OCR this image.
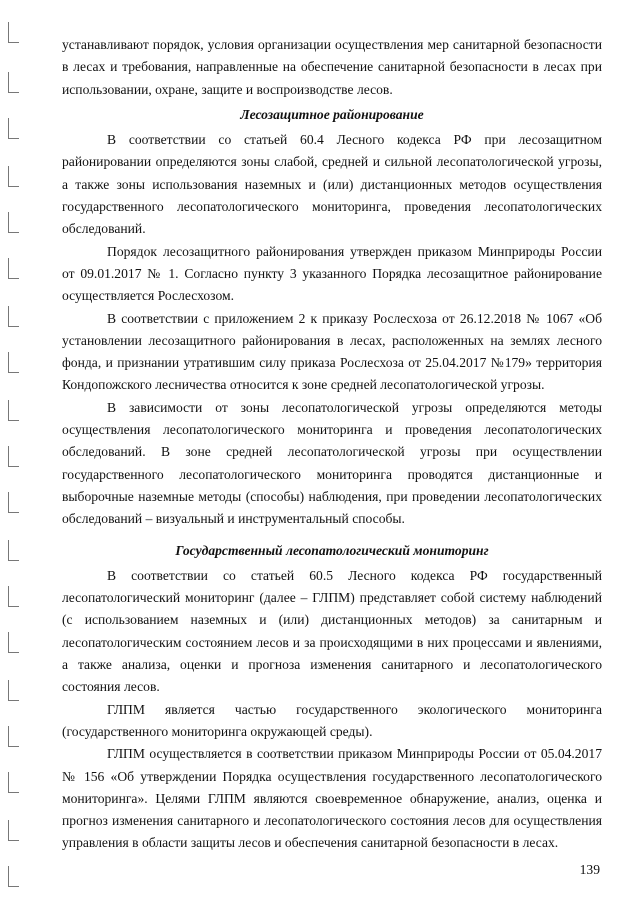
устанавливают порядок, условия организации осуществления мер санитарной безопасности в лесах и требования, направленные на обеспечение санитарной безопасности в лесах при использовании, охране, защите и воспроизводстве лесов.

Лесозащитное районирование

В соответствии со статьей 60.4 Лесного кодекса РФ при лесозащитном районировании определяются зоны слабой, средней и сильной лесопатологической угрозы, а также зоны использования наземных и (или) дистанционных методов осуществления государственного лесопатологического мониторинга, проведения лесопатологических обследований.

Порядок лесозащитного районирования утвержден приказом Минприроды России от 09.01.2017 № 1. Согласно пункту 3 указанного Порядка лесозащитное районирование осуществляется Рослесхозом.

В соответствии с приложением 2 к приказу Рослесхоза от 26.12.2018 № 1067 «Об установлении лесозащитного районирования в лесах, расположенных на землях лесного фонда, и признании утратившим силу приказа Рослесхоза от 25.04.2017 №179» территория Кондопожского лесничества относится к зоне средней лесопатологической угрозы.

В зависимости от зоны лесопатологической угрозы определяются методы осуществления лесопатологического мониторинга и проведения лесопатологических обследований. В зоне средней лесопатологической угрозы при осуществлении государственного лесопатологического мониторинга проводятся дистанционные и выборочные наземные методы (способы) наблюдения, при проведении лесопатологических обследований – визуальный и инструментальный способы.

Государственный лесопатологический мониторинг

В соответствии со статьей 60.5 Лесного кодекса РФ государственный лесопатологический мониторинг (далее – ГЛПМ) представляет собой систему наблюдений (с использованием наземных и (или) дистанционных методов) за санитарным и лесопатологическим состоянием лесов и за происходящими в них процессами и явлениями, а также анализа, оценки и прогноза изменения санитарного и лесопатологического состояния лесов.

ГЛПМ является частью государственного экологического мониторинга (государственного мониторинга окружающей среды).

ГЛПМ осуществляется в соответствии приказом Минприроды России от 05.04.2017 № 156 «Об утверждении Порядка осуществления государственного лесопатологического мониторинга». Целями ГЛПМ являются своевременное обнаружение, анализ, оценка и прогноз изменения санитарного и лесопатологического состояния лесов для осуществления управления в области защиты лесов и обеспечения санитарной безопасности в лесах.

139
